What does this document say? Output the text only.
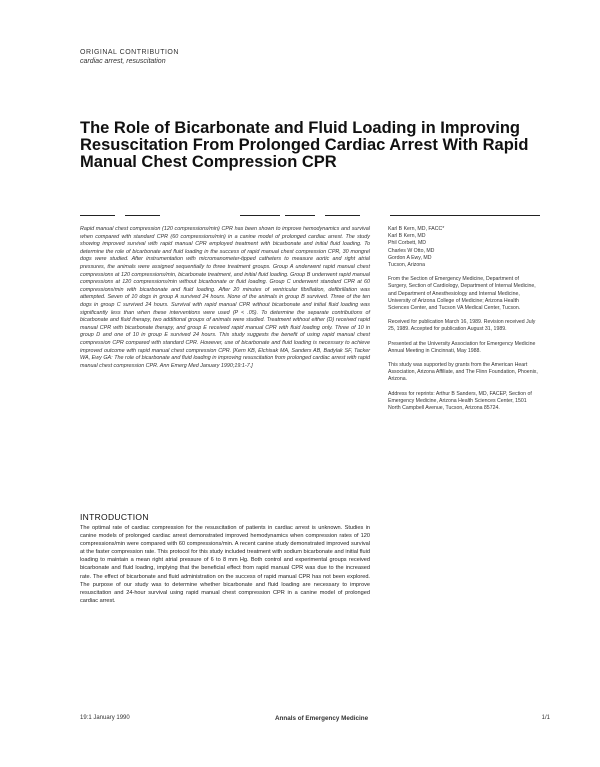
ORIGINAL CONTRIBUTION
cardiac arrest, resuscitation
The Role of Bicarbonate and Fluid Loading in Improving Resuscitation From Prolonged Cardiac Arrest With Rapid Manual Chest Compression CPR

Rapid manual chest compression (120 compressions/min) CPR has been shown to improve hemodynamics and survival when compared with standard CPR (60 compressions/min) in a canine model of prolonged cardiac arrest. The study showing improved survival with rapid manual CPR employed treatment with bicarbonate and initial fluid loading. To determine the role of bicarbonate and fluid loading in the success of rapid manual chest compression CPR, 30 mongrel dogs were studied. After instrumentation with micromanometer-tipped catheters to measure aortic and right atrial pressures, the animals were assigned sequentially to three treatment groups. Group A underwent rapid manual chest compressions at 120 compressions/min, bicarbonate treatment, and initial fluid loading. Group B underwent rapid manual compressions at 120 compressions/min without bicarbonate or fluid loading. Group C underwent standard CPR at 60 compressions/min with bicarbonate and fluid loading. After 20 minutes of ventricular fibrillation, defibrillation was attempted. Seven of 10 dogs in group A survived 24 hours. None of the animals in group B survived. Three of the ten dogs in group C survived 24 hours. Survival with rapid manual CPR without bicarbonate and initial fluid loading was significantly less than when these interventions were used (P < .05). To determine the separate contributions of bicarbonate and fluid therapy, two additional groups of animals were studied. Treatment without either (D) received rapid manual CPR with bicarbonate therapy, and group E received rapid manual CPR with fluid loading only. Three of 10 in group D and one of 10 in group E survived 24 hours. This study suggests the benefit of using rapid manual chest compression CPR compared with standard CPR. However, use of bicarbonate and fluid loading is necessary to achieve improved outcome with rapid manual chest compression CPR. [Kern KB, Elchisak MA, Sanders AB, Badylak SF, Tacker WA, Ewy GA: The role of bicarbonate and fluid loading in improving resuscitation from prolonged cardiac arrest with rapid manual chest compression CPR. Ann Emerg Med January 1990;19:1-7.]

Karl B Kern, MD, FACC*
Karl B Kern, MD
Phil Corbett, MD
Charles W Otto, MD
Gordon A Ewy, MD
Tucson, Arizona
From the Section of Emergency Medicine, Department of Surgery, Section of Cardiology, Department of Internal Medicine, and Department of Anesthesiology and Internal Medicine, University of Arizona College of Medicine; Arizona Health Sciences Center, and Tucson VA Medical Center, Tucson.
Received for publication March 16, 1989. Revision received July 25, 1989. Accepted for publication August 31, 1989.
Presented at the University Association for Emergency Medicine Annual Meeting in Cincinnati, May 1988.
This study was supported by grants from the American Heart Association, Arizona Affiliate, and The Flinn Foundation, Phoenix, Arizona.
Address for reprints: Arthur B Sanders, MD, FACEP, Section of Emergency Medicine, Arizona Health Sciences Center, 1501 North Campbell Avenue, Tucson, Arizona 85724.
INTRODUCTION

The optimal rate of cardiac compression for the resuscitation of patients in cardiac arrest is unknown. Studies in canine models of prolonged cardiac arrest demonstrated improved hemodynamics when compression rates of 120 compressions/min were compared with 60 compressions/min. A recent canine study demonstrated improved survival at the faster compression rate. This protocol for this study included treatment with sodium bicarbonate and initial fluid loading to maintain a mean right atrial pressure of 6 to 8 mm Hg. Both control and experimental groups received bicarbonate and fluid loading, implying that the beneficial effect from rapid manual CPR was due to the increased rate. The effect of bicarbonate and fluid administration on the success of rapid manual CPR has not been explored. The purpose of our study was to determine whether bicarbonate and fluid loading are necessary to improve resuscitation and 24-hour survival using rapid manual chest compression CPR in a canine model of prolonged cardiac arrest.

19:1 January 1990	Annals of Emergency Medicine	1/1
